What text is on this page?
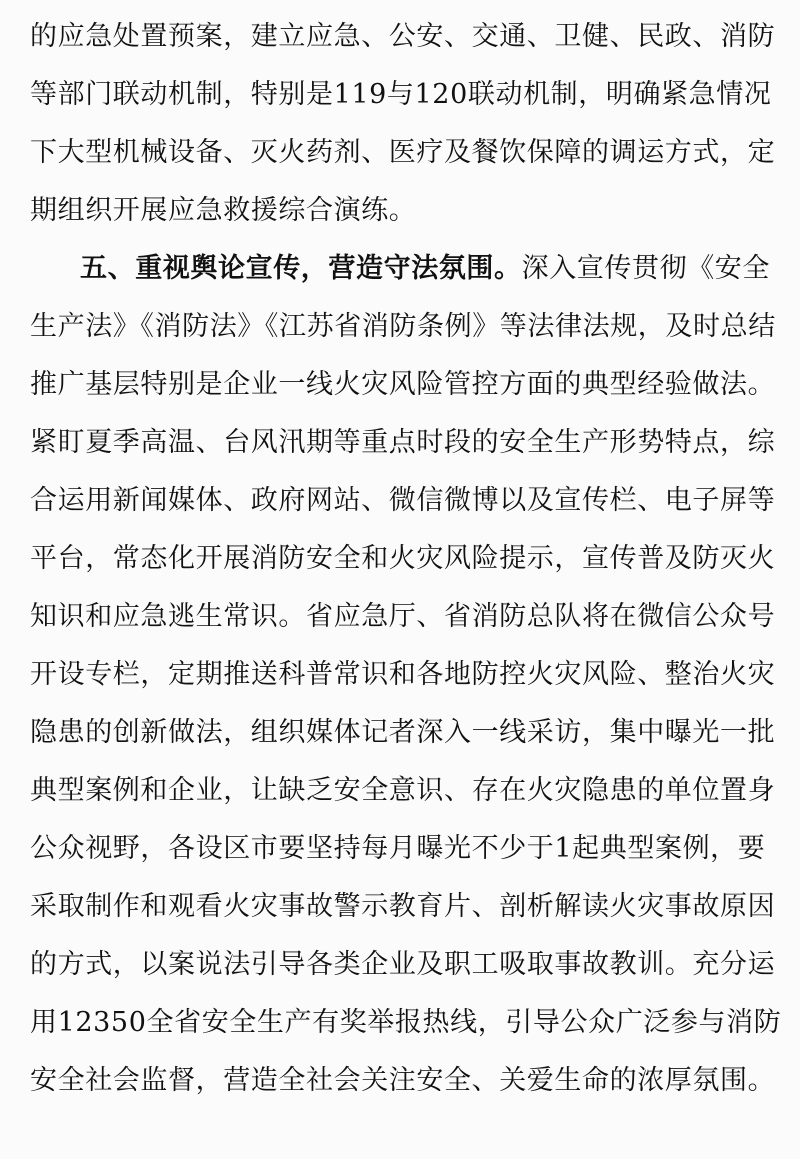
的应急处置预案，建立应急、公安、交通、卫健、民政、消防
等部门联动机制，特别是119与120联动机制，明确紧急情况
下大型机械设备、灭火药剂、医疗及餐饮保障的调运方式，定
期组织开展应急救援综合演练。
五、重视舆论宣传，营造守法氛围。深入宣传贯彻《安全
生产法》《消防法》《江苏省消防条例》等法律法规，及时总结
推广基层特别是企业一线火灾风险管控方面的典型经验做法。
紧盯夏季高温、台风汛期等重点时段的安全生产形势特点，综
合运用新闻媒体、政府网站、微信微博以及宣传栏、电子屏等
平台，常态化开展消防安全和火灾风险提示，宣传普及防灭火
知识和应急逃生常识。省应急厅、省消防总队将在微信公众号
开设专栏，定期推送科普常识和各地防控火灾风险、整治火灾
隐患的创新做法，组织媒体记者深入一线采访，集中曝光一批
典型案例和企业，让缺乏安全意识、存在火灾隐患的单位置身
公众视野，各设区市要坚持每月曝光不少于1起典型案例，要
采取制作和观看火灾事故警示教育片、剖析解读火灾事故原因
的方式，以案说法引导各类企业及职工吸取事故教训。充分运
用12350全省安全生产有奖举报热线，引导公众广泛参与消防
安全社会监督，营造全社会关注安全、关爱生命的浓厚氛围。
